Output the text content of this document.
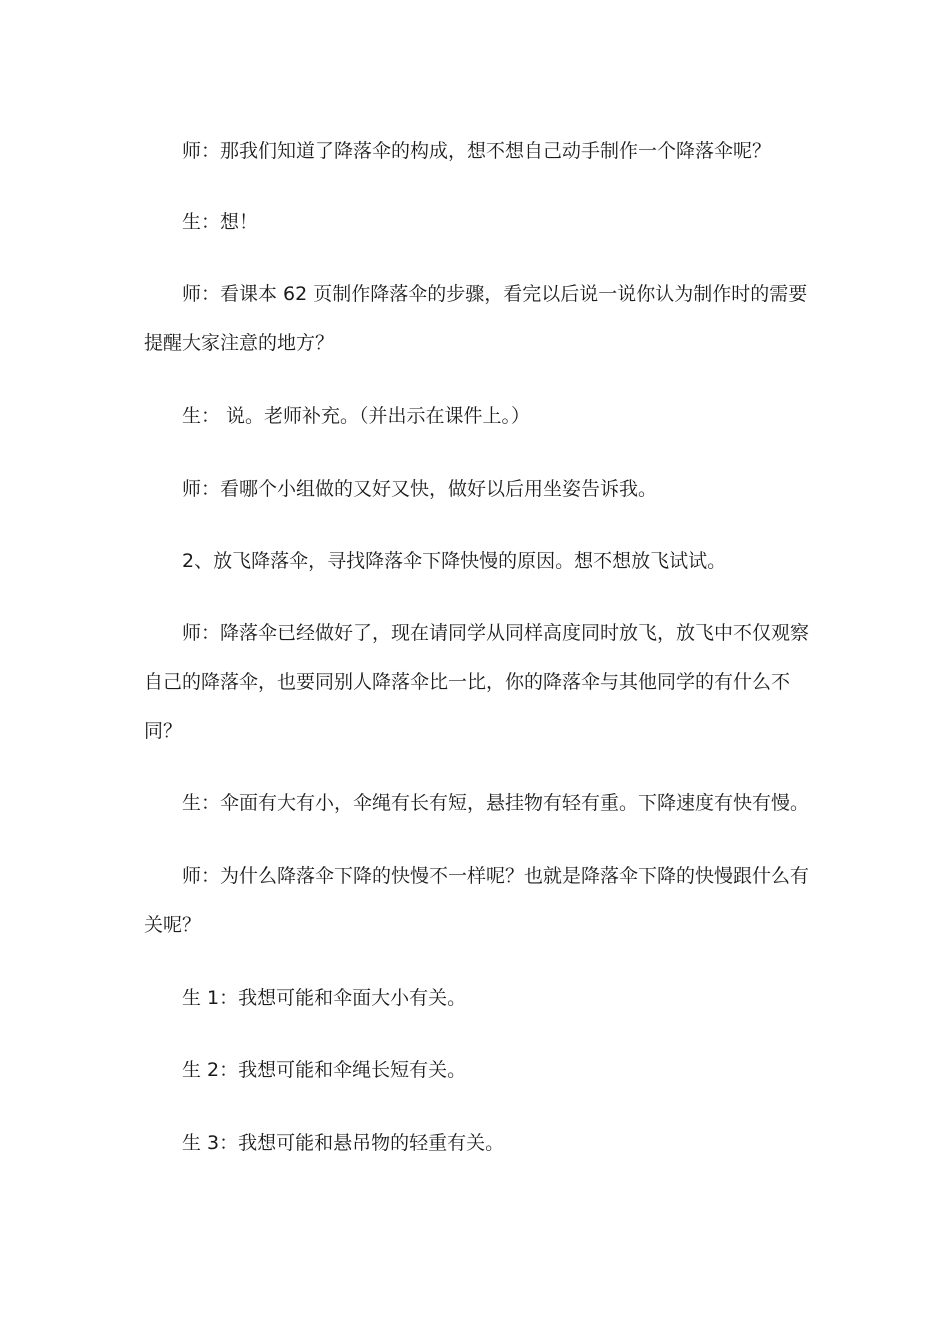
师：那我们知道了降落伞的构成，想不想自己动手制作一个降落伞呢？

生：想！

师：看课本 62 页制作降落伞的步骤，看完以后说一说你认为制作时的需要提醒大家注意的地方？

生： 说。老师补充。（并出示在课件上。）

师：看哪个小组做的又好又快，做好以后用坐姿告诉我。

2、放飞降落伞，寻找降落伞下降快慢的原因。想不想放飞试试。

师：降落伞已经做好了，现在请同学从同样高度同时放飞，放飞中不仅观察自己的降落伞，也要同别人降落伞比一比，你的降落伞与其他同学的有什么不同？

生：伞面有大有小，伞绳有长有短，悬挂物有轻有重。下降速度有快有慢。

师：为什么降落伞下降的快慢不一样呢？也就是降落伞下降的快慢跟什么有关呢？

生 1：我想可能和伞面大小有关。

生 2：我想可能和伞绳长短有关。

生 3：我想可能和悬吊物的轻重有关。
